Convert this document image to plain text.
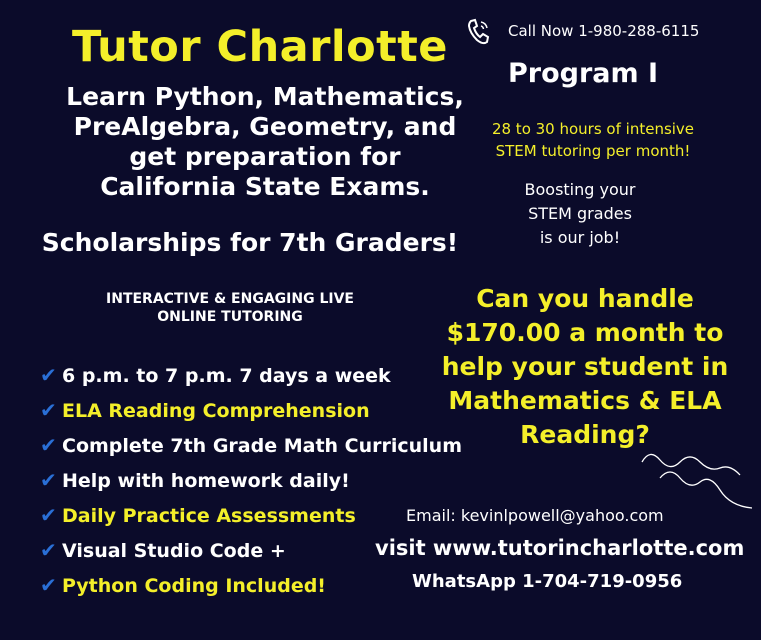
Tutor Charlotte
Learn Python, Mathematics,
PreAlgebra, Geometry, and
get preparation for
California State Exams.
Scholarships for 7th Graders!
INTERACTIVE & ENGAGING LIVE
ONLINE TUTORING
✔ 6 p.m. to 7 p.m. 7 days a week
✔ ELA Reading Comprehension
✔ Complete 7th Grade Math Curriculum
✔ Help with homework daily!
✔ Daily Practice Assessments
✔ Visual Studio Code +
✔ Python Coding Included!
Call Now 1-980-288-6115
Program I
28 to 30 hours of intensive
STEM tutoring per month!
Boosting your
STEM grades
is our job!
Can you handle
$170.00 a month to
help your student in
Mathematics & ELA
Reading?
Email: kevinlpowell@yahoo.com
visit www.tutorincharlotte.com
WhatsApp 1-704-719-0956
